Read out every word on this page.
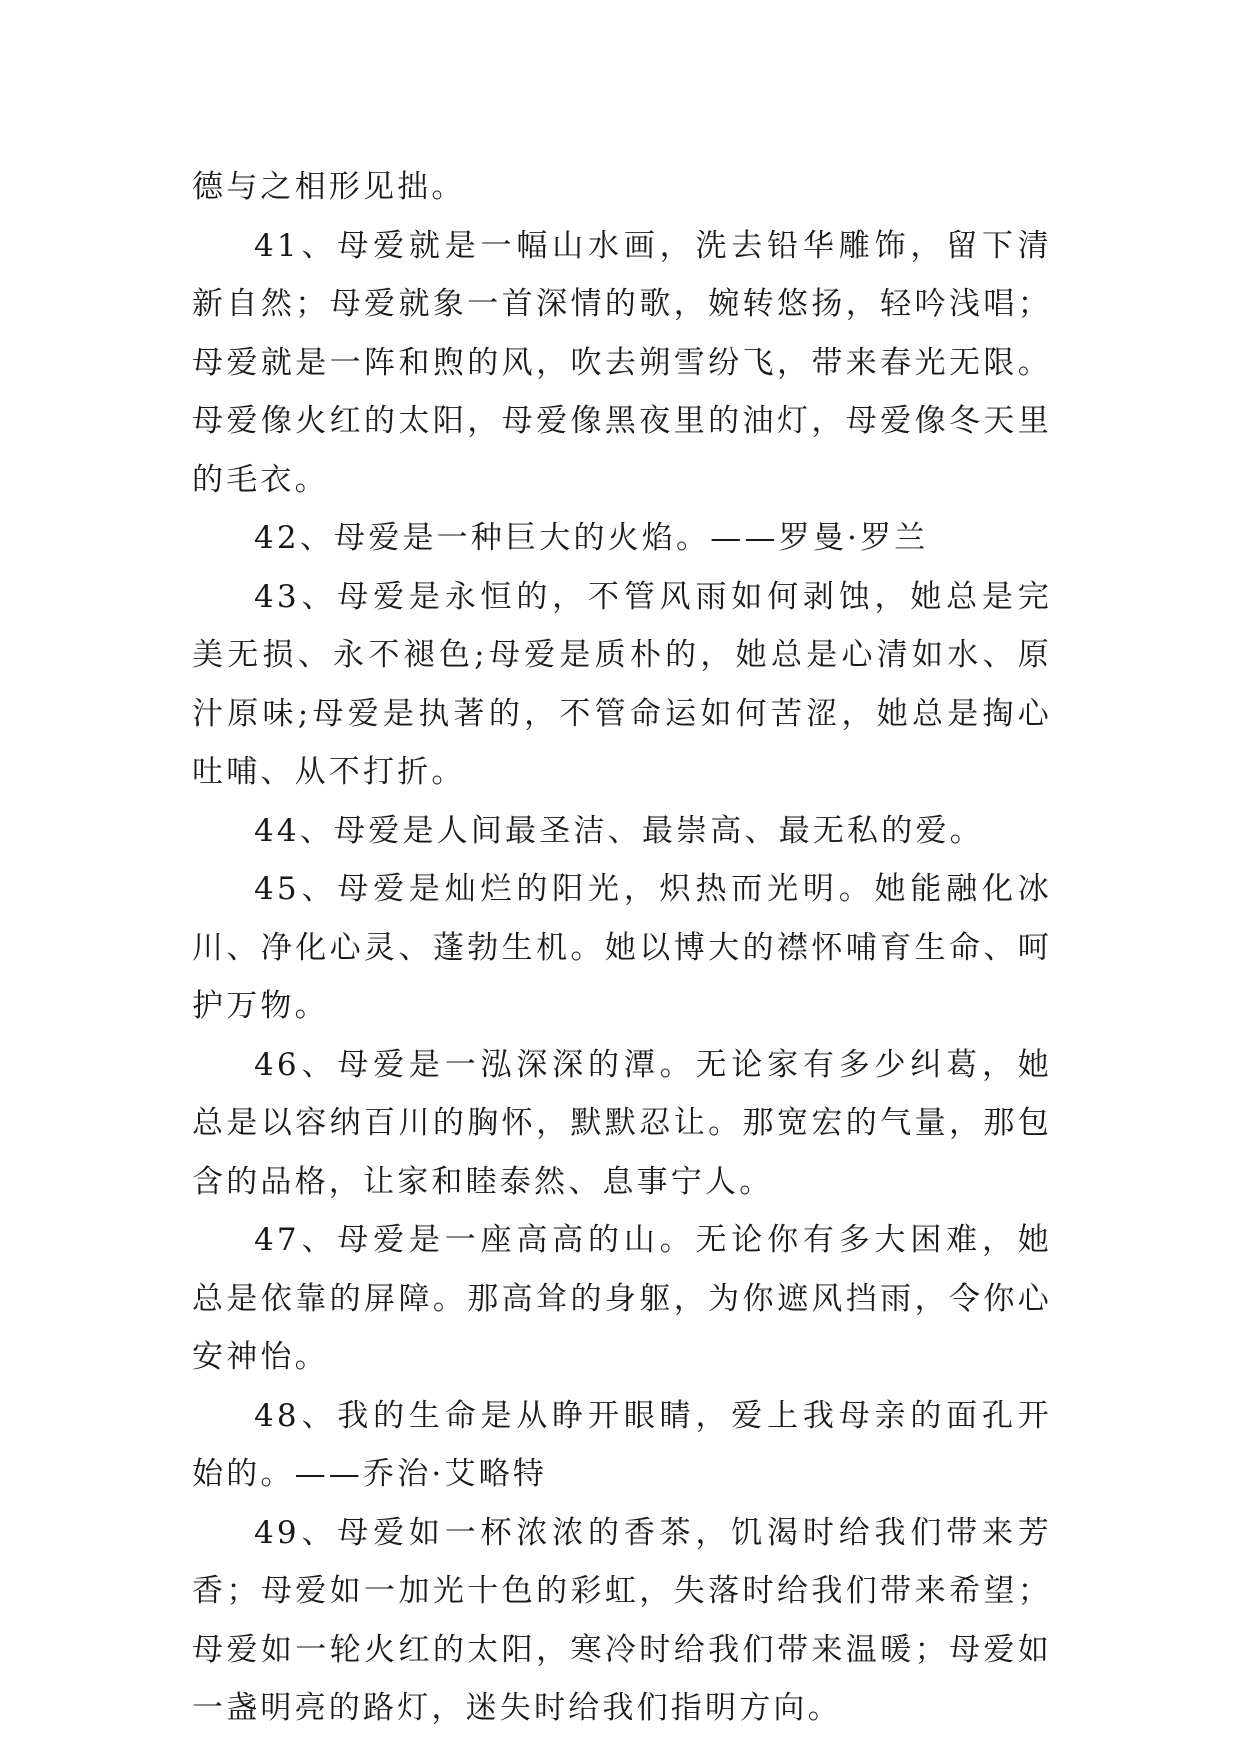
德与之相形见拙。

41、母爱就是一幅山水画，洗去铅华雕饰，留下清新自然；母爱就象一首深情的歌，婉转悠扬，轻吟浅唱；母爱就是一阵和煦的风，吹去朔雪纷飞，带来春光无限。母爱像火红的太阳，母爱像黑夜里的油灯，母爱像冬天里的毛衣。

42、母爱是一种巨大的火焰。——罗曼·罗兰

43、母爱是永恒的，不管风雨如何剥蚀，她总是完美无损、永不褪色;母爱是质朴的，她总是心清如水、原汁原味;母爱是执著的，不管命运如何苦涩，她总是掏心吐哺、从不打折。

44、母爱是人间最圣洁、最崇高、最无私的爱。

45、母爱是灿烂的阳光，炽热而光明。她能融化冰川、净化心灵、蓬勃生机。她以博大的襟怀哺育生命、呵护万物。

46、母爱是一泓深深的潭。无论家有多少纠葛，她总是以容纳百川的胸怀，默默忍让。那宽宏的气量，那包含的品格，让家和睦泰然、息事宁人。

47、母爱是一座高高的山。无论你有多大困难，她总是依靠的屏障。那高耸的身躯，为你遮风挡雨，令你心安神怡。

48、我的生命是从睁开眼睛，爱上我母亲的面孔开始的。——乔治·艾略特

49、母爱如一杯浓浓的香茶，饥渴时给我们带来芳香；母爱如一加光十色的彩虹，失落时给我们带来希望；母爱如一轮火红的太阳，寒冷时给我们带来温暖；母爱如一盏明亮的路灯，迷失时给我们指明方向。
